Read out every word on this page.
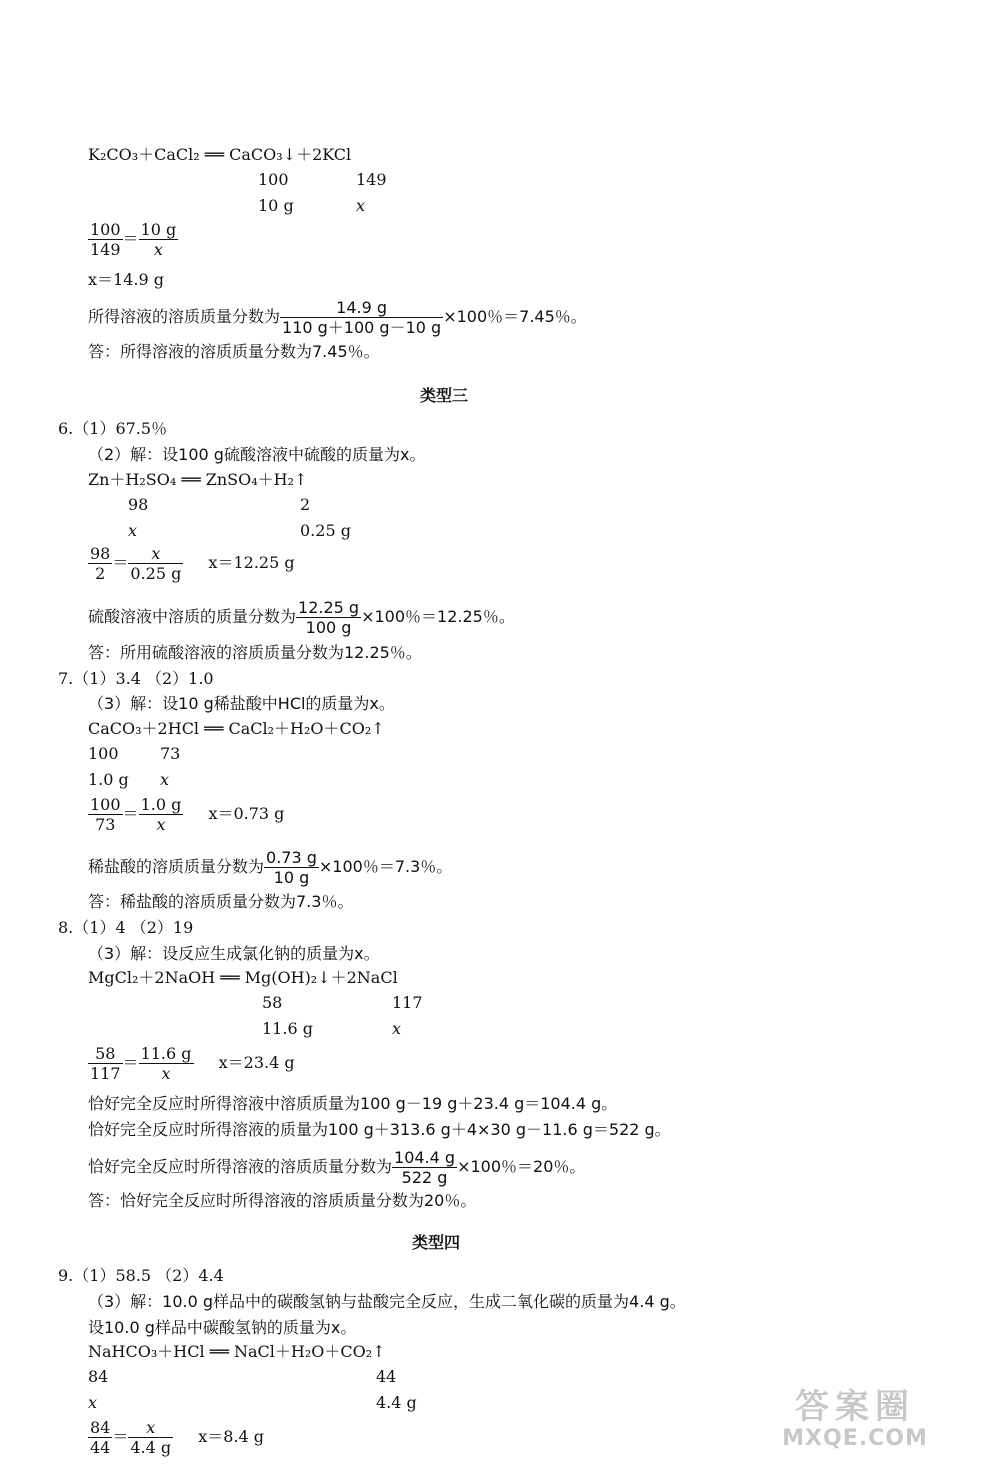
K₂CO₃＋CaCl₂ ══ CaCO₃↓＋2KCl
100	149
10 g	x
$\frac{100}{149} = \frac{10 g}{x}$
x＝14.9 g
所得溶液的溶质质量分数为 $\frac{14.9 g}{110 g+100 g-10 g} \times 100$％＝7.45％。
答：所得溶液的溶质质量分数为7.45％。
类型三
6.（1）67.5％
（2）解：设100 g硫酸溶液中硫酸的质量为x。
Zn＋H₂SO₄ ══ ZnSO₄＋H₂↑
98	2
x	0.25 g
$\frac{98}{2} = \frac{x}{0.25 g} x=12.25$ g
硫酸溶液中溶质的质量分数为 $\frac{12.25 g}{100 g} \times 100$％＝12.25％。
答：所用硫酸溶液的溶质质量分数为12.25％。
7.（1）3.4 （2）1.0
（3）解：设10 g稀盐酸中HCl的质量为x。
CaCO₃＋2HCl ══ CaCl₂＋H₂O＋CO₂↑
100	73
1.0 g x
$\frac{100}{73} = \frac{1.0 g}{x} x=0.73$ g
稀盐酸的溶质质量分数为 $\frac{0.73 g}{10 g} \times 100$％＝7.3％。
答：稀盐酸的溶质质量分数为7.3％。
8.（1）4 （2）19
（3）解：设反应生成氯化钠的质量为x。
MgCl₂＋2NaOH ══ Mg(OH)₂↓＋2NaCl
58	117
11.6 g	x
$\frac{58}{117} = \frac{11.6 g}{x} x=23.4$ g
恰好完全反应时所得溶液中溶质质量为100 g－19 g＋23.4 g＝104.4 g。
恰好完全反应时所得溶液的质量为100 g＋313.6 g＋4×30 g－11.6 g＝522 g。
恰好完全反应时所得溶液的溶质质量分数为 $\frac{104.4 g}{522 g} \times 100$％＝20％。
答：恰好完全反应时所得溶液的溶质质量分数为20％。
类型四
9.（1）58.5 （2）4.4
（3）解：10.0 g样品中的碳酸氢钠与盐酸完全反应，生成二氧化碳的质量为4.4 g。
设10.0 g样品中碳酸氢钠的质量为x。
NaHCO₃＋HCl ══ NaCl＋H₂O＋CO₂↑
84	44
x	4.4 g
$\frac{84}{44} = \frac{x}{4.4 g} x=8.4$ g
答案圈
MXQE.COM
